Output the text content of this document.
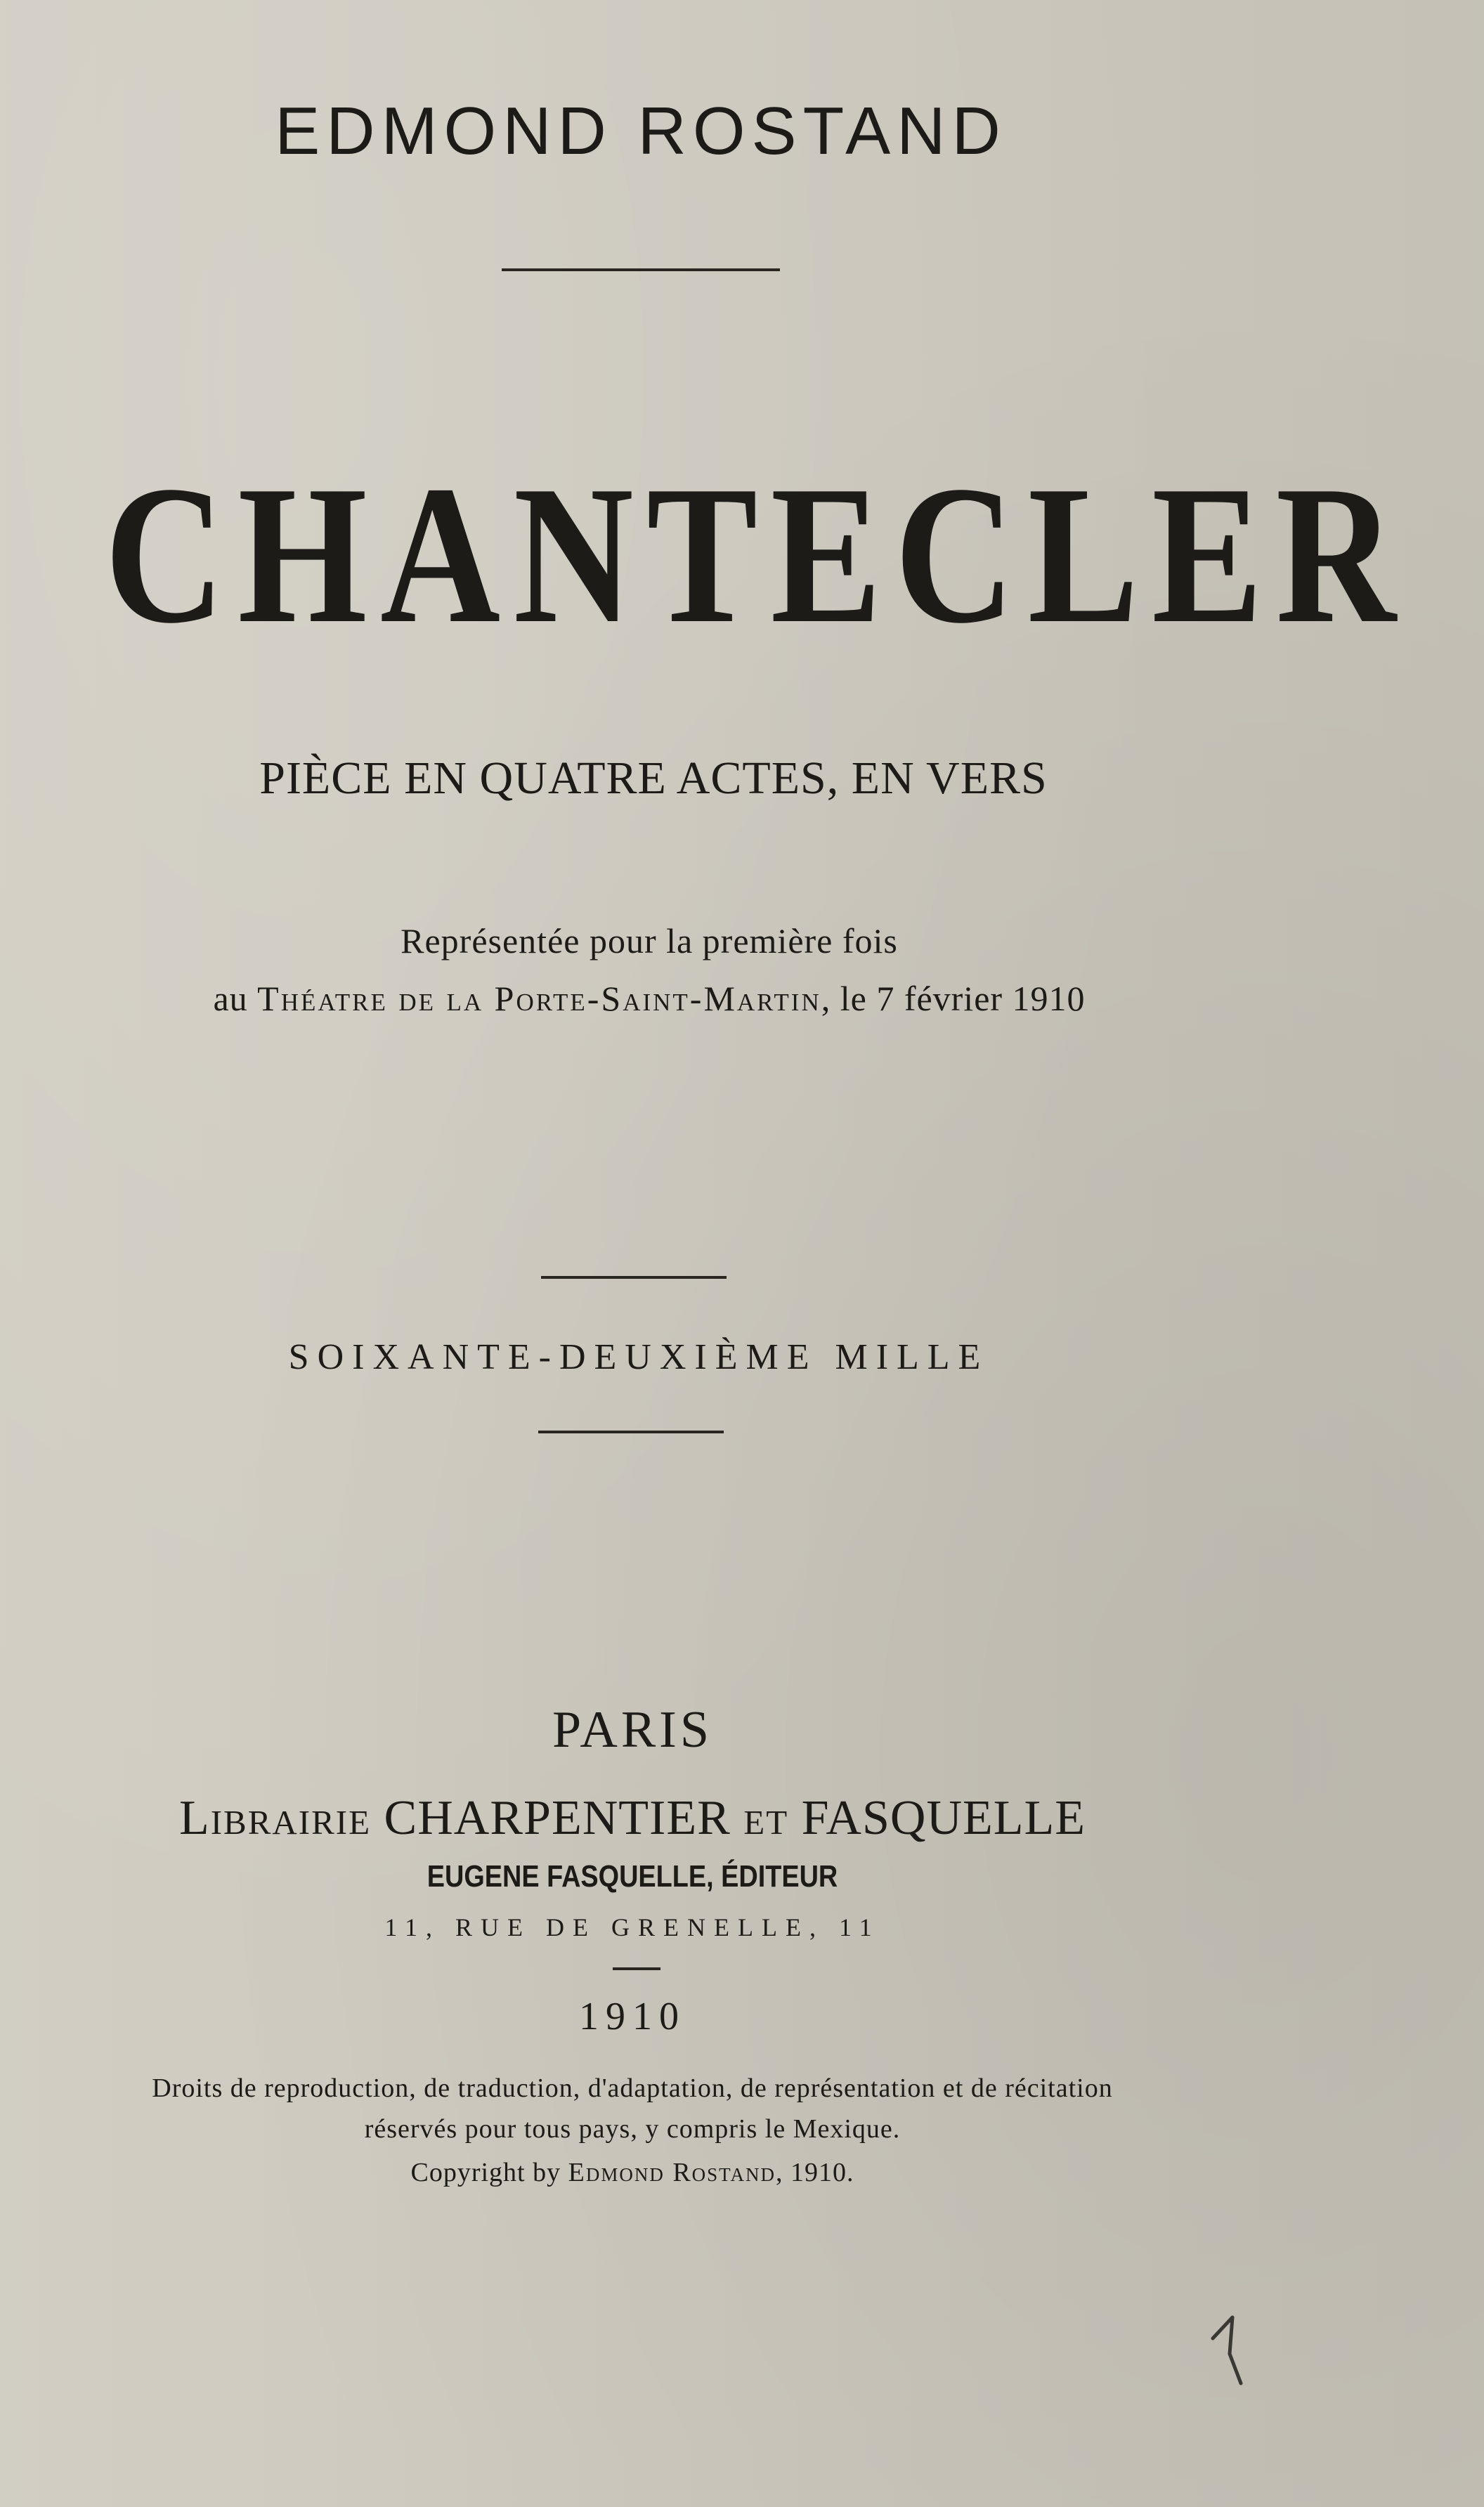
EDMOND ROSTAND
CHANTECLER
PIÈCE EN QUATRE ACTES, EN VERS
Représentée pour la première fois
au Théatre de la Porte-Saint-Martin, le 7 février 1910
SOIXANTE-DEUXIÈME MILLE
PARIS
Librairie CHARPENTIER et FASQUELLE
EUGENE FASQUELLE, ÉDITEUR
11, RUE DE GRENELLE, 11
1910
Droits de reproduction, de traduction, d'adaptation, de représentation et de récitation
réservés pour tous pays, y compris le Mexique.
Copyright by Edmond Rostand, 1910.
